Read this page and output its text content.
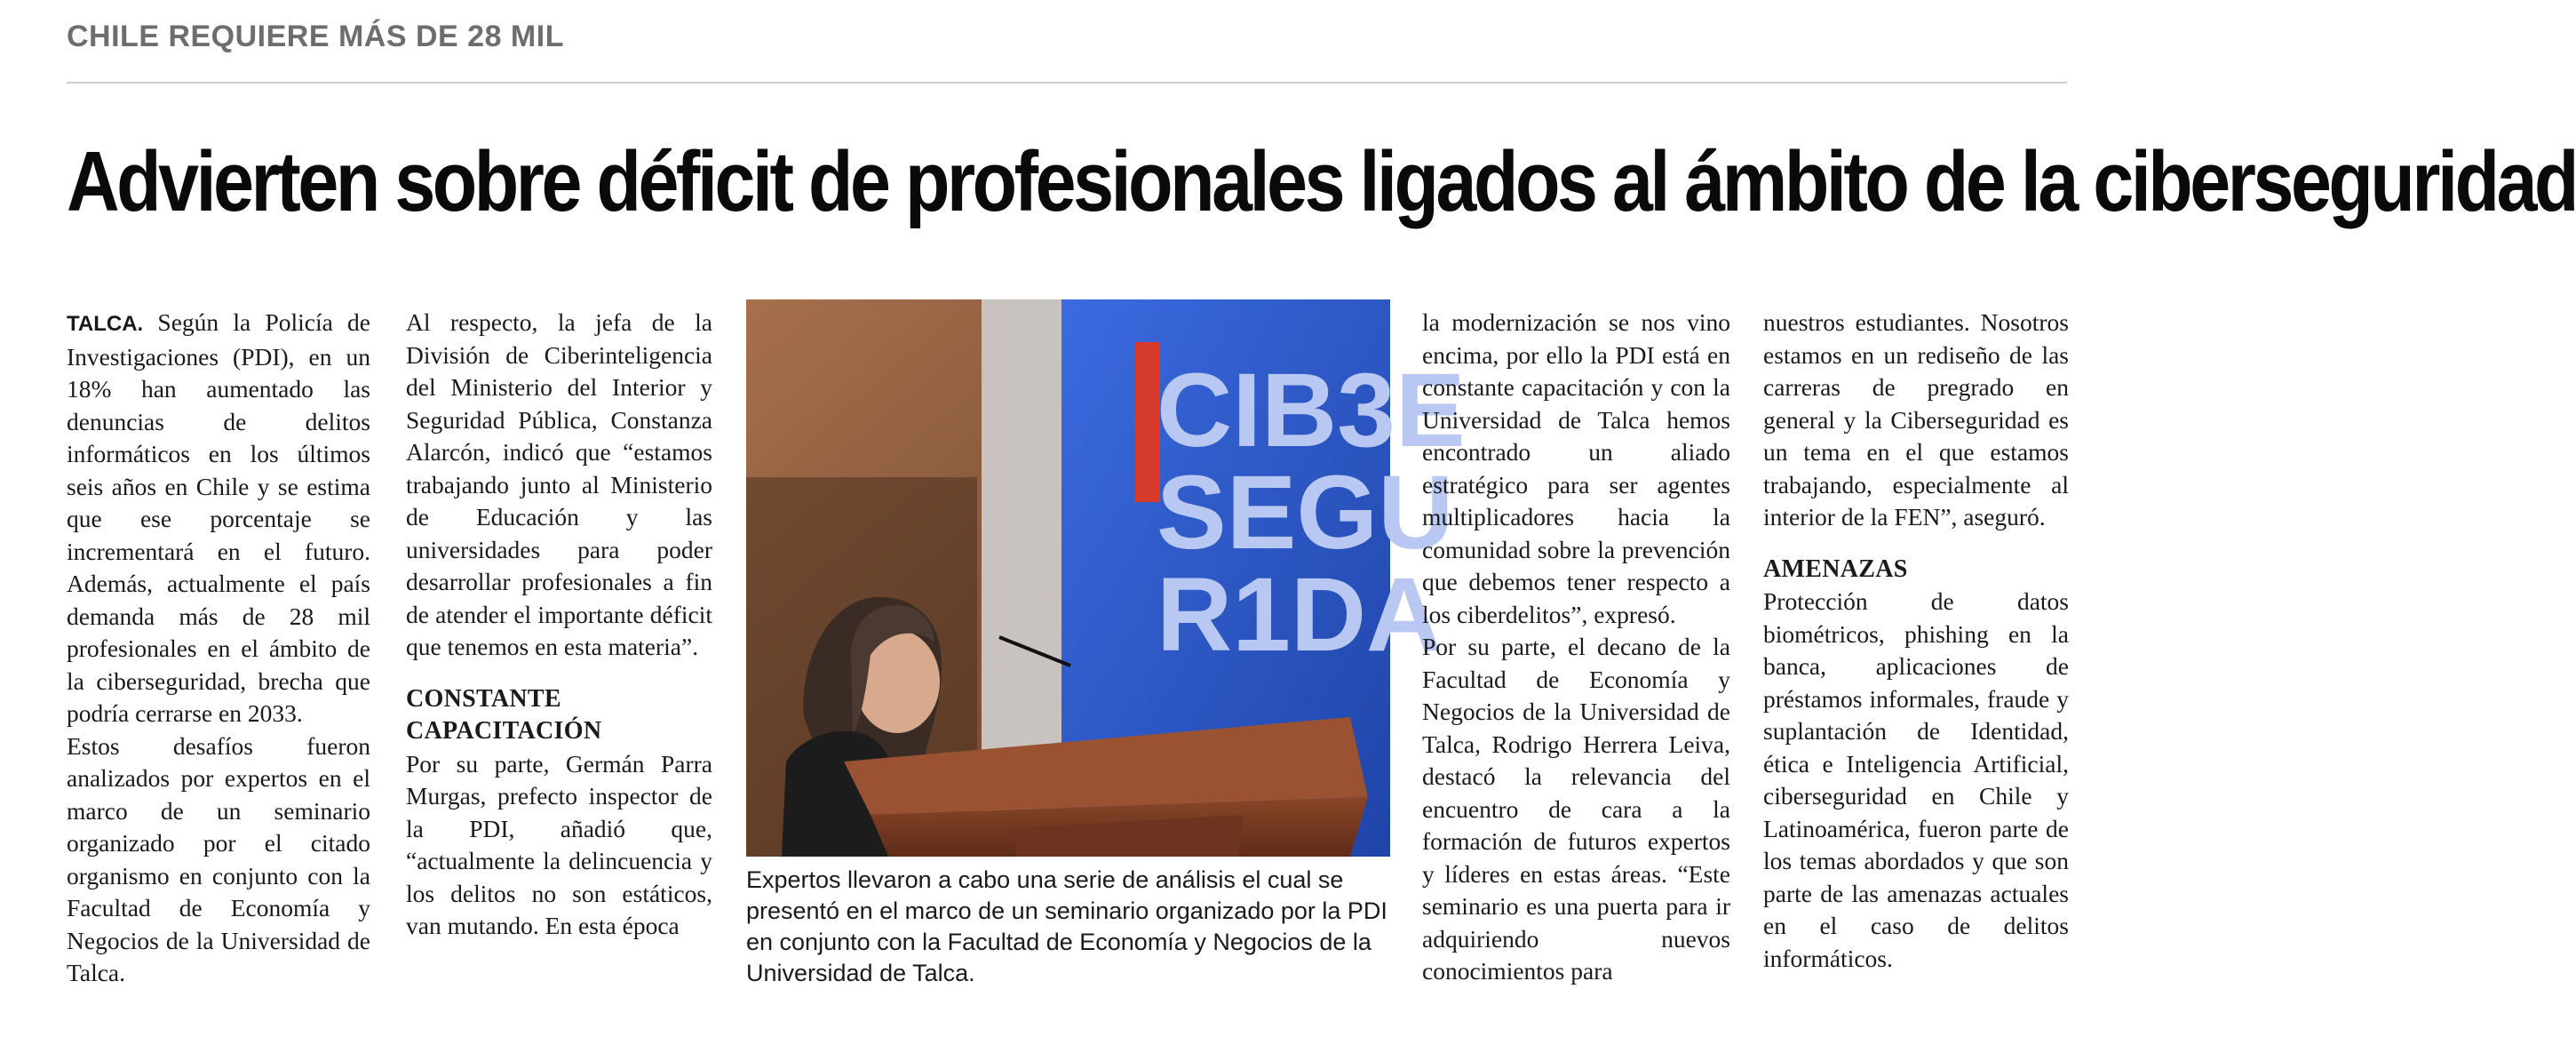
CHILE REQUIERE MÁS DE 28 MIL
Advierten sobre déficit de profesionales ligados al ámbito de la ciberseguridad

TALCA. Según la Policía de Investigaciones (PDI), en un 18% han aumentado las denuncias de delitos informáticos en los últimos seis años en Chile y se estima que ese porcentaje se incrementará en el futuro. Además, actualmente el país demanda más de 28 mil profesionales en el ámbito de la ciberseguridad, brecha que podría cerrarse en 2033.

Estos desafíos fueron analizados por expertos en el marco de un seminario organizado por el citado organismo en conjunto con la Facultad de Economía y Negocios de la Universidad de Talca.

Al respecto, la jefa de la División de Ciberinteligencia del Ministerio del Interior y Seguridad Pública, Constanza Alarcón, indicó que “estamos trabajando junto al Ministerio de Educación y las universidades para poder desarrollar profesionales a fin de atender el importante déficit que tenemos en esta materia”.

CONSTANTE CAPACITACIÓN

Por su parte, Germán Parra Murgas, prefecto inspector de la PDI, añadió que, “actualmente la delincuencia y los delitos no son estáticos, van mutando. En esta época

CIB3E
SEGU
R1DA
Expertos llevaron a cabo una serie de análisis el cual se presentó en el marco de un seminario organizado por la PDI en conjunto con la Facultad de Economía y Negocios de la Universidad de Talca.

la modernización se nos vino encima, por ello la PDI está en constante capacitación y con la Universidad de Talca hemos encontrado un aliado estratégico para ser agentes multiplicadores hacia la comunidad sobre la prevención que debemos tener respecto a los ciberdelitos”, expresó.

Por su parte, el decano de la Facultad de Economía y Negocios de la Universidad de Talca, Rodrigo Herrera Leiva, destacó la relevancia del encuentro de cara a la formación de futuros expertos y líderes en estas áreas. “Este seminario es una puerta para ir adquiriendo nuevos conocimientos para

nuestros estudiantes. Nosotros estamos en un rediseño de las carreras de pregrado en general y la Ciberseguridad es un tema en el que estamos trabajando, especialmente al interior de la FEN”, aseguró.

AMENAZAS

Protección de datos biométricos, phishing en la banca, aplicaciones de préstamos informales, fraude y suplantación de Identidad, ética e Inteligencia Artificial, ciberseguridad en Chile y Latinoamérica, fueron parte de los temas abordados y que son parte de las amenazas actuales en el caso de delitos informáticos.
